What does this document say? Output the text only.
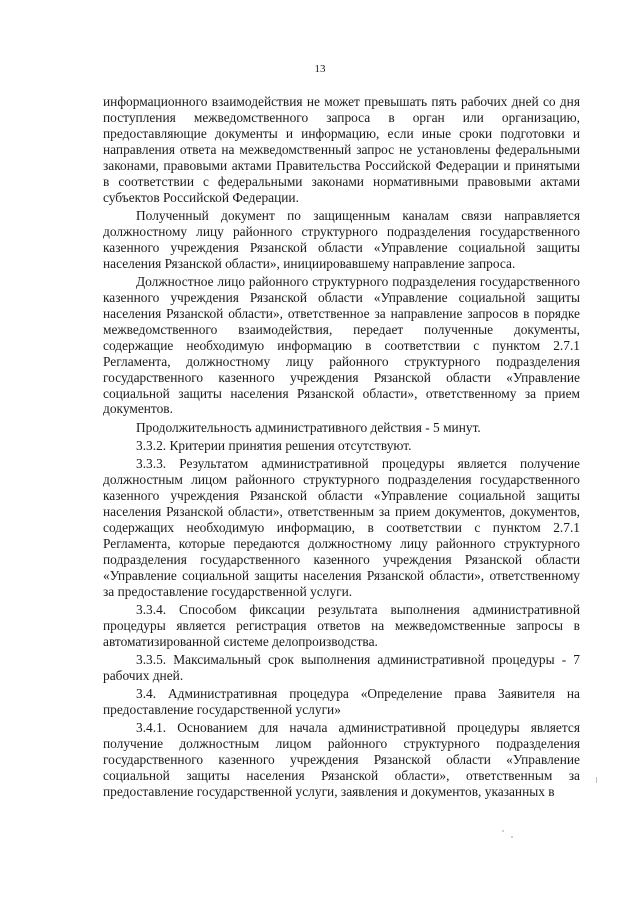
13

информационного взаимодействия не может превышать пять рабочих дней со дня поступления межведомственного запроса в орган или организацию, предоставляющие документы и информацию, если иные сроки подготовки и направления ответа на межведомственный запрос не установлены федеральными законами, правовыми актами Правительства Российской Федерации и принятыми в соответствии с федеральными законами нормативными правовыми актами субъектов Российской Федерации.

Полученный документ по защищенным каналам связи направляется должностному лицу районного структурного подразделения государственного казенного учреждения Рязанской области «Управление социальной защиты населения Рязанской области», инициировавшему направление запроса.

Должностное лицо районного структурного подразделения государственного казенного учреждения Рязанской области «Управление социальной защиты населения Рязанской области», ответственное за направление запросов в порядке межведомственного взаимодействия, передает полученные документы, содержащие необходимую информацию в соответствии с пунктом 2.7.1 Регламента, должностному лицу районного структурного подразделения государственного казенного учреждения Рязанской области «Управление социальной защиты населения Рязанской области», ответственному за прием документов.

Продолжительность административного действия - 5 минут.

3.3.2. Критерии принятия решения отсутствуют.

3.3.3. Результатом административной процедуры является получение должностным лицом районного структурного подразделения государственного казенного учреждения Рязанской области «Управление социальной защиты населения Рязанской области», ответственным за прием документов, документов, содержащих необходимую информацию, в соответствии с пунктом 2.7.1 Регламента, которые передаются должностному лицу районного структурного подразделения государственного казенного учреждения Рязанской области «Управление социальной защиты населения Рязанской области», ответственному за предоставление государственной услуги.

3.3.4. Способом фиксации результата выполнения административной процедуры является регистрация ответов на межведомственные запросы в автоматизированной системе делопроизводства.

3.3.5. Максимальный срок выполнения административной процедуры - 7 рабочих дней.

3.4. Административная процедура «Определение права Заявителя на предоставление государственной услуги»

3.4.1. Основанием для начала административной процедуры является получение должностным лицом районного структурного подразделения государственного казенного учреждения Рязанской области «Управление социальной защиты населения Рязанской области», ответственным за предоставление государственной услуги, заявления и документов, указанных в
